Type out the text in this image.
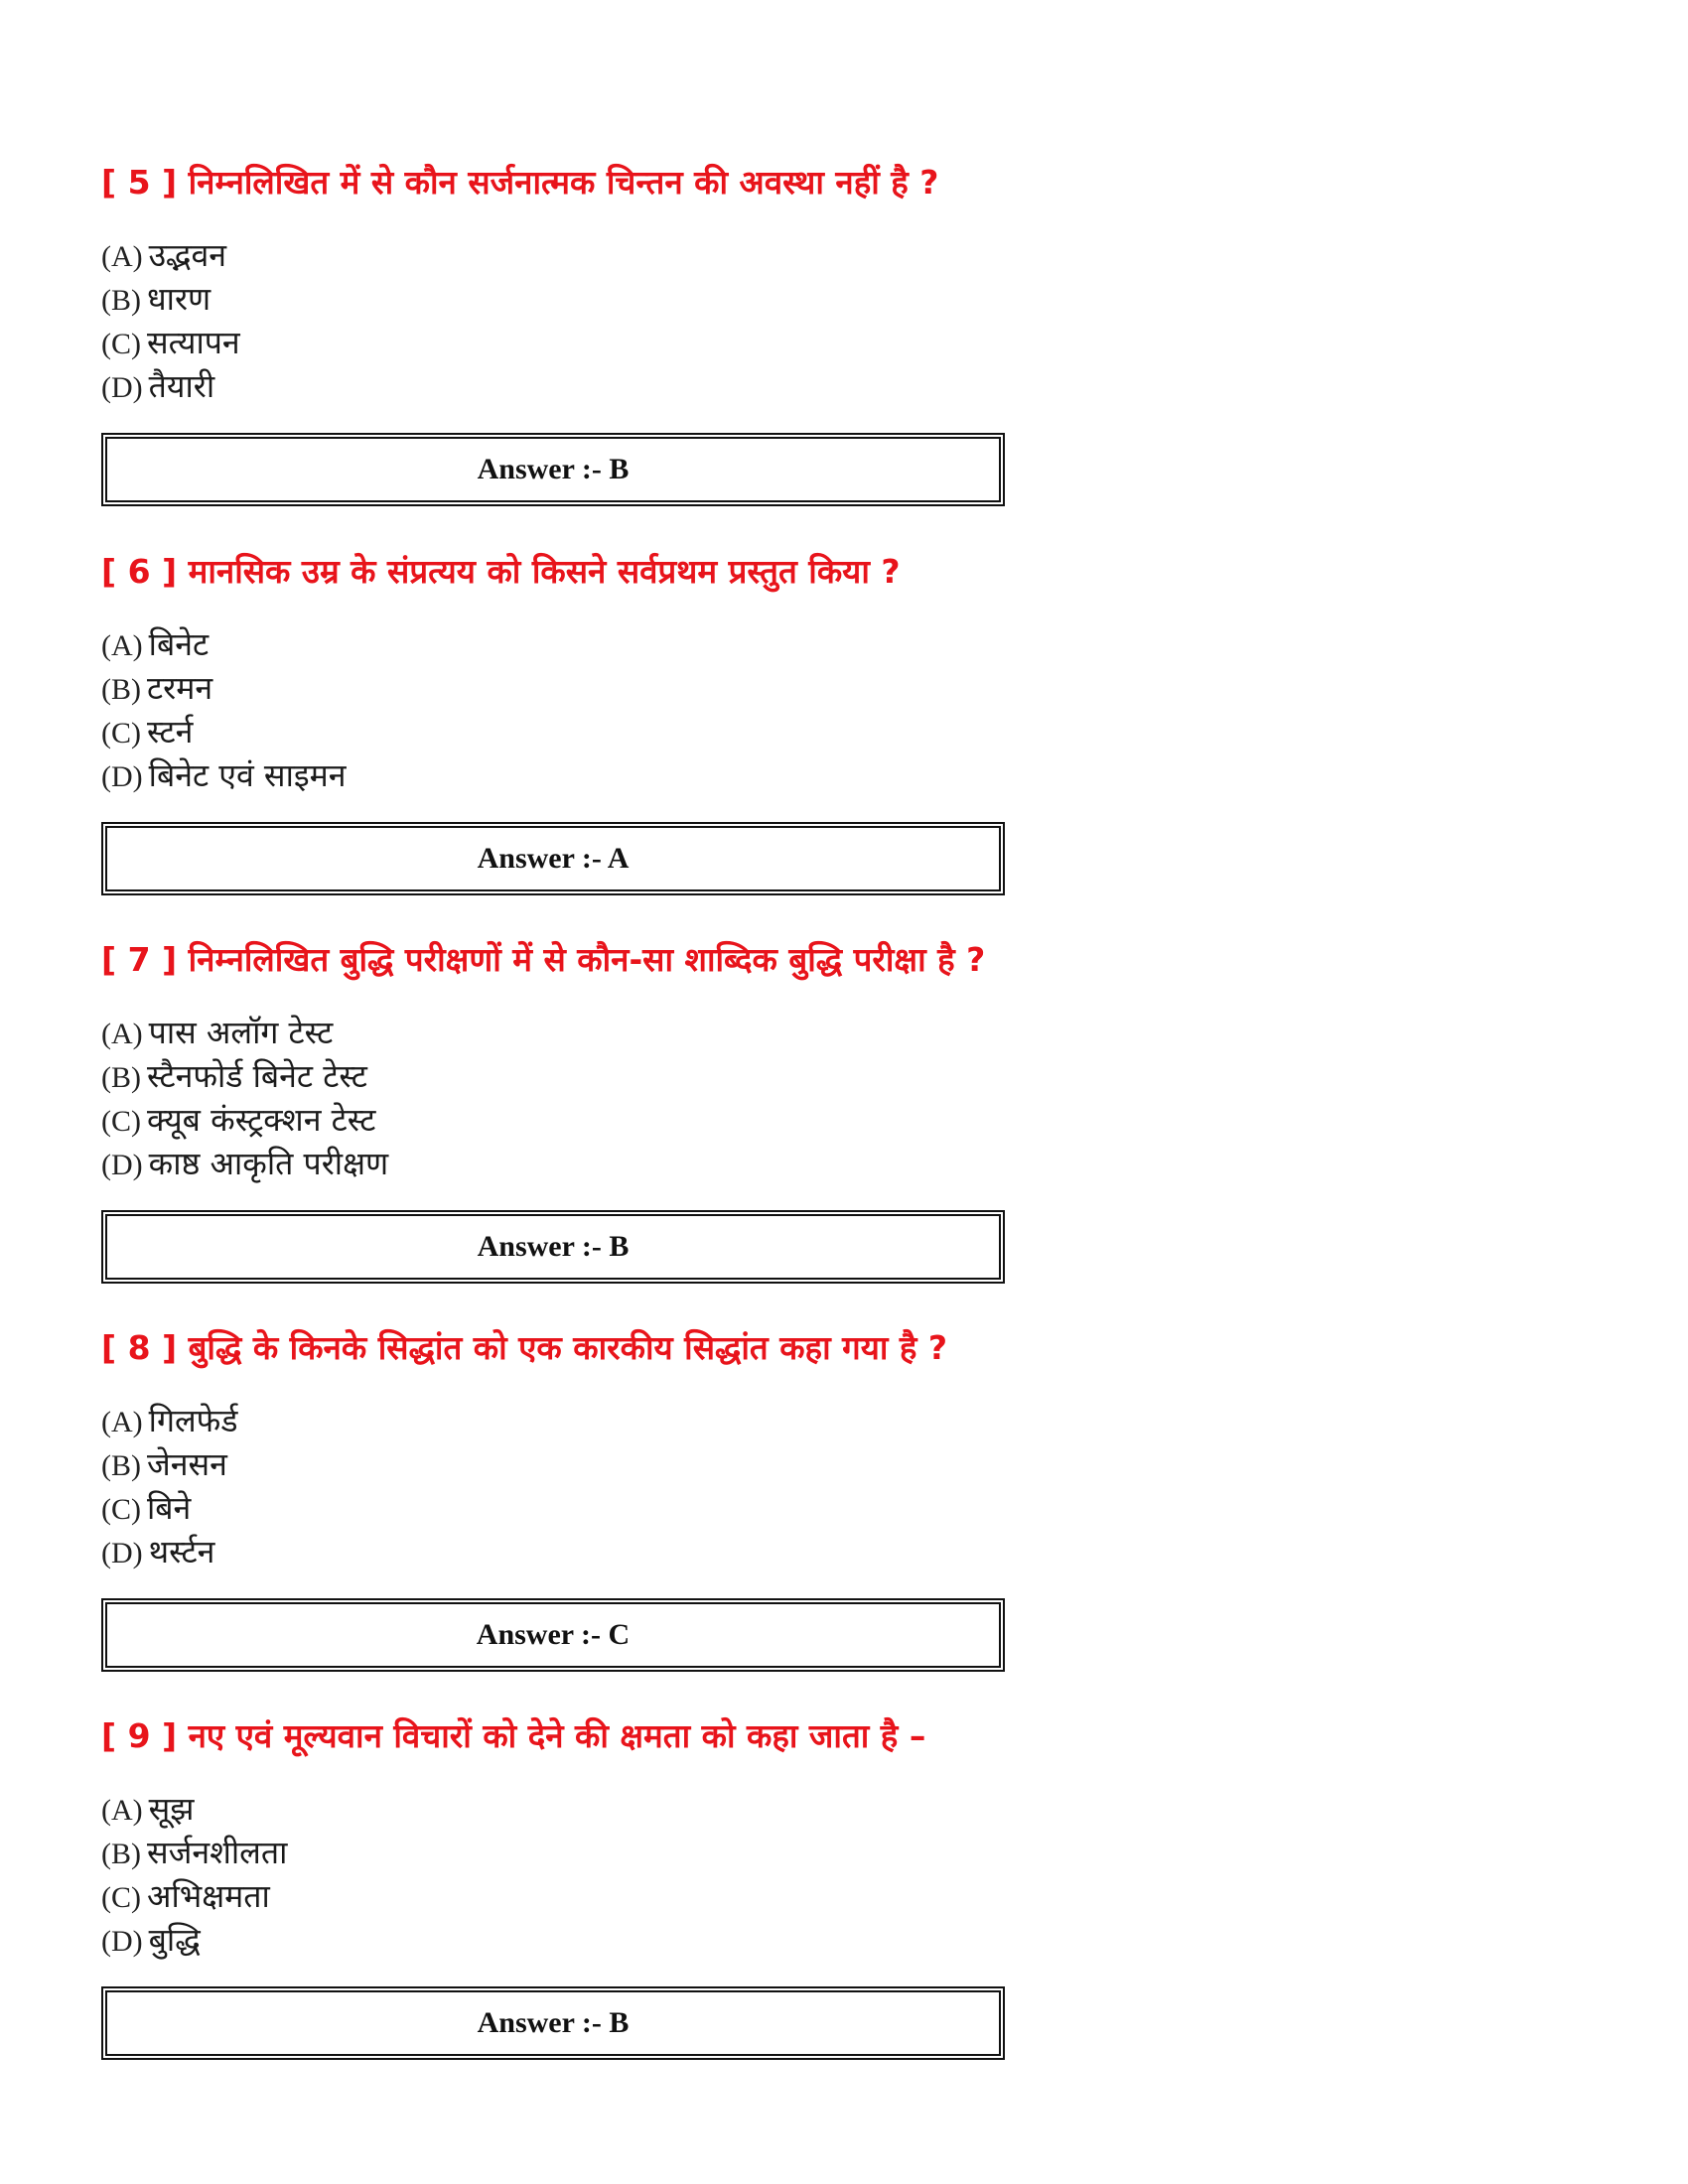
[ 5 ] निम्नलिखित में से कौन सर्जनात्मक चिन्तन की अवस्था नहीं है ?
(A) उद्भवन
(B) धारण
(C) सत्यापन
(D) तैयारी
Answer :- B
[ 6 ] मानसिक उम्र के संप्रत्यय को किसने सर्वप्रथम प्रस्तुत किया ?
(A) बिनेट
(B) टरमन
(C) स्टर्न
(D) बिनेट एवं साइमन
Answer :- A
[ 7 ] निम्नलिखित बुद्धि परीक्षणों में से कौन-सा शाब्दिक बुद्धि परीक्षा है ?
(A) पास अलॉग टेस्ट
(B) स्टैनफोर्ड बिनेट टेस्ट
(C) क्यूब कंस्ट्रक्शन टेस्ट
(D) काष्ठ आकृति परीक्षण
Answer :- B
[ 8 ] बुद्धि के किनके सिद्धांत को एक कारकीय सिद्धांत कहा गया है ?
(A) गिलफेर्ड
(B) जेनसन
(C) बिने
(D) थर्स्टन
Answer :- C
[ 9 ] नए एवं मूल्यवान विचारों को देने की क्षमता को कहा जाता है –
(A) सूझ
(B) सर्जनशीलता
(C) अभिक्षमता
(D) बुद्धि
Answer :- B
